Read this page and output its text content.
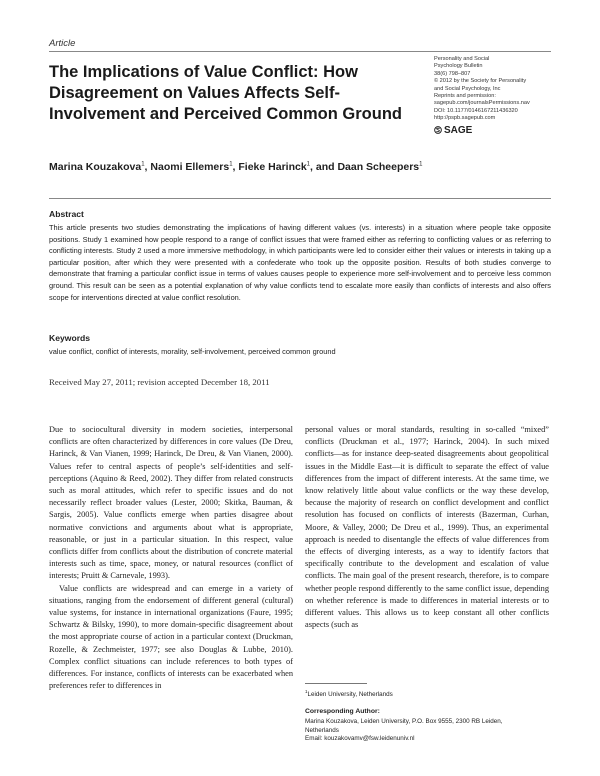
Article
The Implications of Value Conflict: How
Disagreement on Values Affects Self-
Involvement and Perceived Common Ground
Personality and Social
Psychology Bulletin
38(6) 798–807
© 2012 by the Society for Personality
and Social Psychology, Inc
Reprints and permission:
sagepub.com/journalsPermissions.nav
DOI: 10.1177/0146167211436320
http://pspb.sagepub.com
SAGE
Marina Kouzakova$^1$, Naomi Ellemers$^1$, Fieke Harinck$^1$, and Daan Scheepers$^1$
Abstract

This article presents two studies demonstrating the implications of having different values (vs. interests) in a situation where people take opposite positions. Study 1 examined how people respond to a range of conflict issues that were framed either as referring to conflicting values or as referring to conflicting interests. Study 2 used a more immersive methodology, in which participants were led to consider either their values or interests in taking up a particular position, after which they were presented with a confederate who took up the opposite position. Results of both studies converge to demonstrate that framing a particular conflict issue in terms of values causes people to experience more self-involvement and to perceive less common ground. This result can be seen as a potential explanation of why value conflicts tend to escalate more easily than conflicts of interests and also offers scope for interventions directed at value conflict resolution.

Keywords

value conflict, conflict of interests, morality, self-involvement, perceived common ground

Received May 27, 2011; revision accepted December 18, 2011

Due to sociocultural diversity in modern societies, interpersonal conflicts are often characterized by differences in core values (De Dreu, Harinck, & Van Vianen, 1999; Harinck, De Dreu, & Van Vianen, 2000). Values refer to central aspects of people’s self-identities and self-perceptions (Aquino & Reed, 2002). They differ from related constructs such as moral attitudes, which refer to specific issues and do not necessarily reflect broader values (Lester, 2000; Skitka, Bauman, & Sargis, 2005). Value conflicts emerge when parties disagree about normative convictions and arguments about what is appropriate, reasonable, or just in a particular situation. In this respect, value conflicts differ from conflicts about the distribution of concrete material interests such as time, space, money, or natural resources (conflict of interests; Pruitt & Carnevale, 1993).

Value conflicts are widespread and can emerge in a variety of situations, ranging from the endorsement of different general (cultural) value systems, for instance in international organizations (Faure, 1995; Schwartz & Bilsky, 1990), to more domain-specific disagreement about the most appropriate course of action in a particular context (Druckman, Rozelle, & Zechmeister, 1977; see also Douglas & Lubbe, 2010). Complex conflict situations can include references to both types of differences. For instance, conflicts of interests can be exacerbated when preferences refer to differences in

personal values or moral standards, resulting in so-called “mixed” conflicts (Druckman et al., 1977; Harinck, 2004). In such mixed conflicts—as for instance deep-seated disagreements about geopolitical issues in the Middle East—it is difficult to separate the effect of value differences from the impact of different interests. At the same time, we know relatively little about value conflicts or the way these develop, because the majority of research on conflict development and conflict resolution has focused on conflicts of interests (Bazerman, Curhan, Moore, & Valley, 2000; De Dreu et al., 1999). Thus, an experimental approach is needed to disentangle the effects of value differences from the effects of diverging interests, as a way to identify factors that specifically contribute to the development and escalation of value conflicts. The main goal of the present research, therefore, is to compare whether people respond differently to the same conflict issue, depending on whether reference is made to differences in material interests or to different values. This allows us to keep constant all other conflicts aspects (such as

$^1$Leiden University, Netherlands

Corresponding Author:

Marina Kouzakova, Leiden University, P.O. Box 9555, 2300 RB Leiden,
Netherlands
Email: kouzakovamv@fsw.leidenuniv.nl
